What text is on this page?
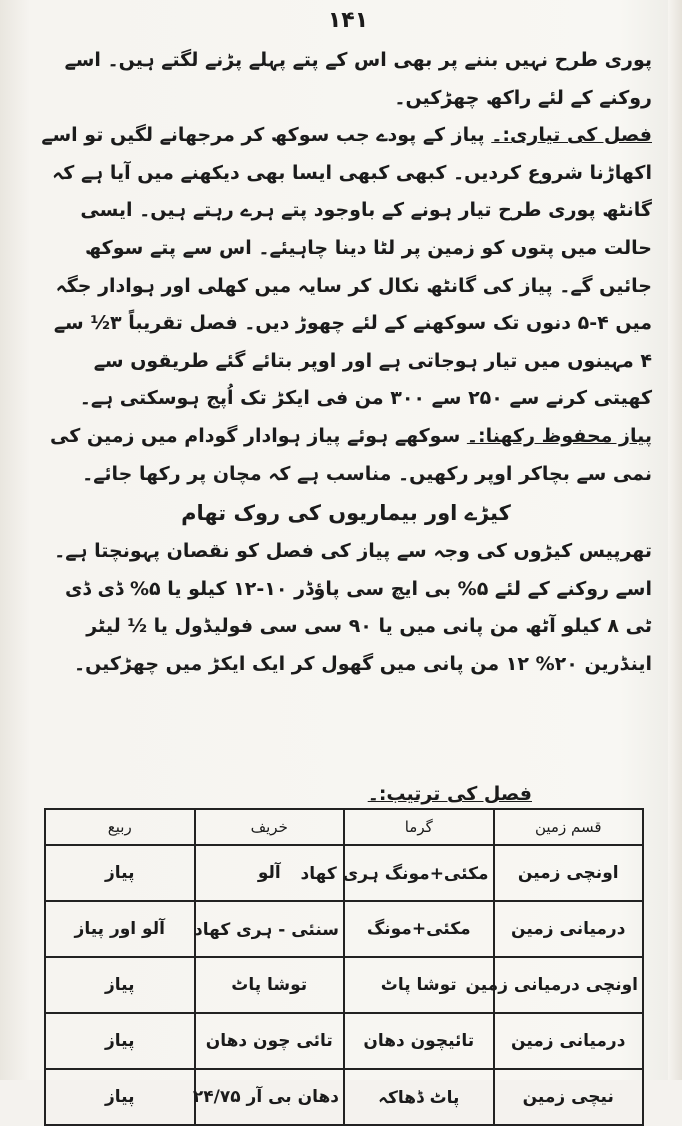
۱۴۱

پوری طرح نہیں بننے پر بھی اس کے پتے پہلے پڑنے لگتے ہیں۔ اسے روکنے کے لئے راکھ چھڑکیں۔

فصل کی تیاری:۔ پیاز کے پودے جب سوکھ کر مرجھانے لگیں تو اسے اکھاڑنا شروع کردیں۔ کبھی کبھی ایسا بھی دیکھنے میں آیا ہے کہ گانٹھ پوری طرح تیار ہونے کے باوجود پتے ہرے رہتے ہیں۔ ایسی حالت میں پتوں کو زمین پر لٹا دینا چاہیئے۔ اس سے پتے سوکھ جائیں گے۔ پیاز کی گانٹھ نکال کر سایہ میں کھلی اور ہوادار جگہ میں ۴-۵ دنوں تک سوکھنے کے لئے چھوڑ دیں۔ فصل تقریباً ۳½ سے ۴ مہینوں میں تیار ہوجاتی ہے اور اوپر بتائے گئے طریقوں سے کھیتی کرنے سے ۲۵۰ سے ۳۰۰ من فی ایکڑ تک اُپج ہوسکتی ہے۔

پیاز محفوظ رکھنا:۔ سوکھے ہوئے پیاز ہوادار گودام میں زمین کی نمی سے بچاکر اوپر رکھیں۔ مناسب ہے کہ مچان پر رکھا جائے۔

کیڑے اور بیماریوں کی روک تھام

تھرپیس کیڑوں کی وجہ سے پیاز کی فصل کو نقصان پہونچتا ہے۔ اسے روکنے کے لئے ۵% بی ایچ سی پاؤڈر ۱۰-۱۲ کیلو یا ۵% ڈی ڈی ٹی ۸ کیلو آٹھ من پانی میں یا ۹۰ سی سی فولیڈول یا ½ لیٹر اینڈرین ۲۰% ۱۲ من پانی میں گھول کر ایک ایکڑ میں چھڑکیں۔

فصل کی ترتیب:۔
قسم زمین	گرما	خریف	ربیع
اونچی زمین	مکئی+مونگ ہری کھاد	آلو	پیاز
درمیانی زمین	مکئی+مونگ	سنئی - ہری کھاد	آلو اور پیاز
اونچی درمیانی زمین	توشا پاٹ	توشا پاٹ	پیاز
درمیانی زمین	تائیچون دھان	تائی چون دھان	پیاز
نیچی زمین	پاٹ ڈھاکہ	دھان بی آر ۲۴/۷۵	پیاز
